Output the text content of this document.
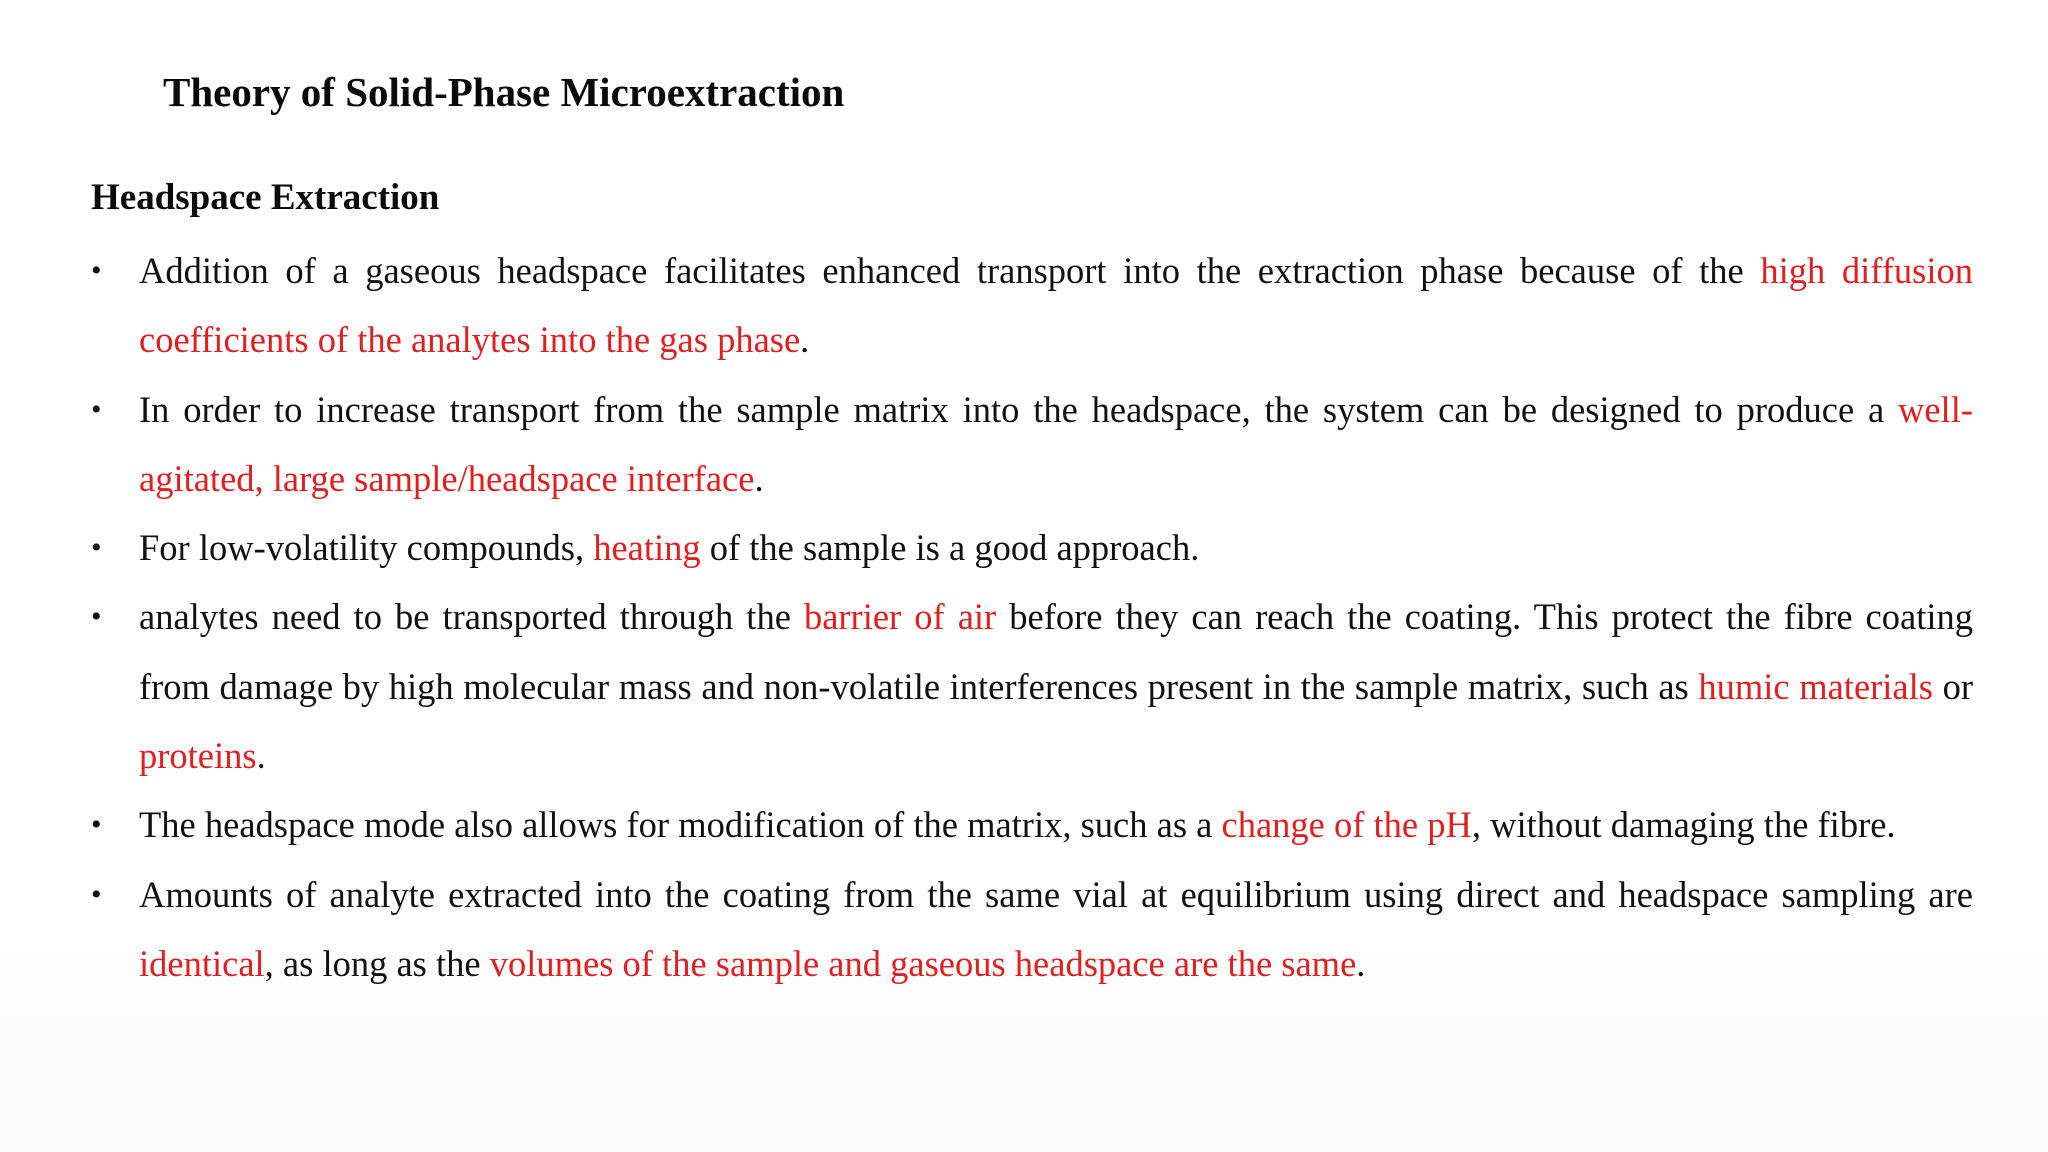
Theory of Solid-Phase Microextraction
Headspace Extraction
•	Addition of a gaseous headspace facilitates enhanced transport into the extraction phase because of the high diffusion coefficients of the analytes into the gas phase.
•	In order to increase transport from the sample matrix into the headspace, the system can be designed to produce a well-agitated, large sample/headspace interface.
•	For low-volatility compounds, heating of the sample is a good approach.
•	analytes need to be transported through the barrier of air before they can reach the coating. This protect the fibre coating from damage by high molecular mass and non-volatile interferences present in the sample matrix, such as humic materials or proteins.
•	The headspace mode also allows for modification of the matrix, such as a change of the pH, without damaging the fibre.
•	Amounts of analyte extracted into the coating from the same vial at equilibrium using direct and headspace sampling are identical, as long as the volumes of the sample and gaseous headspace are the same.
